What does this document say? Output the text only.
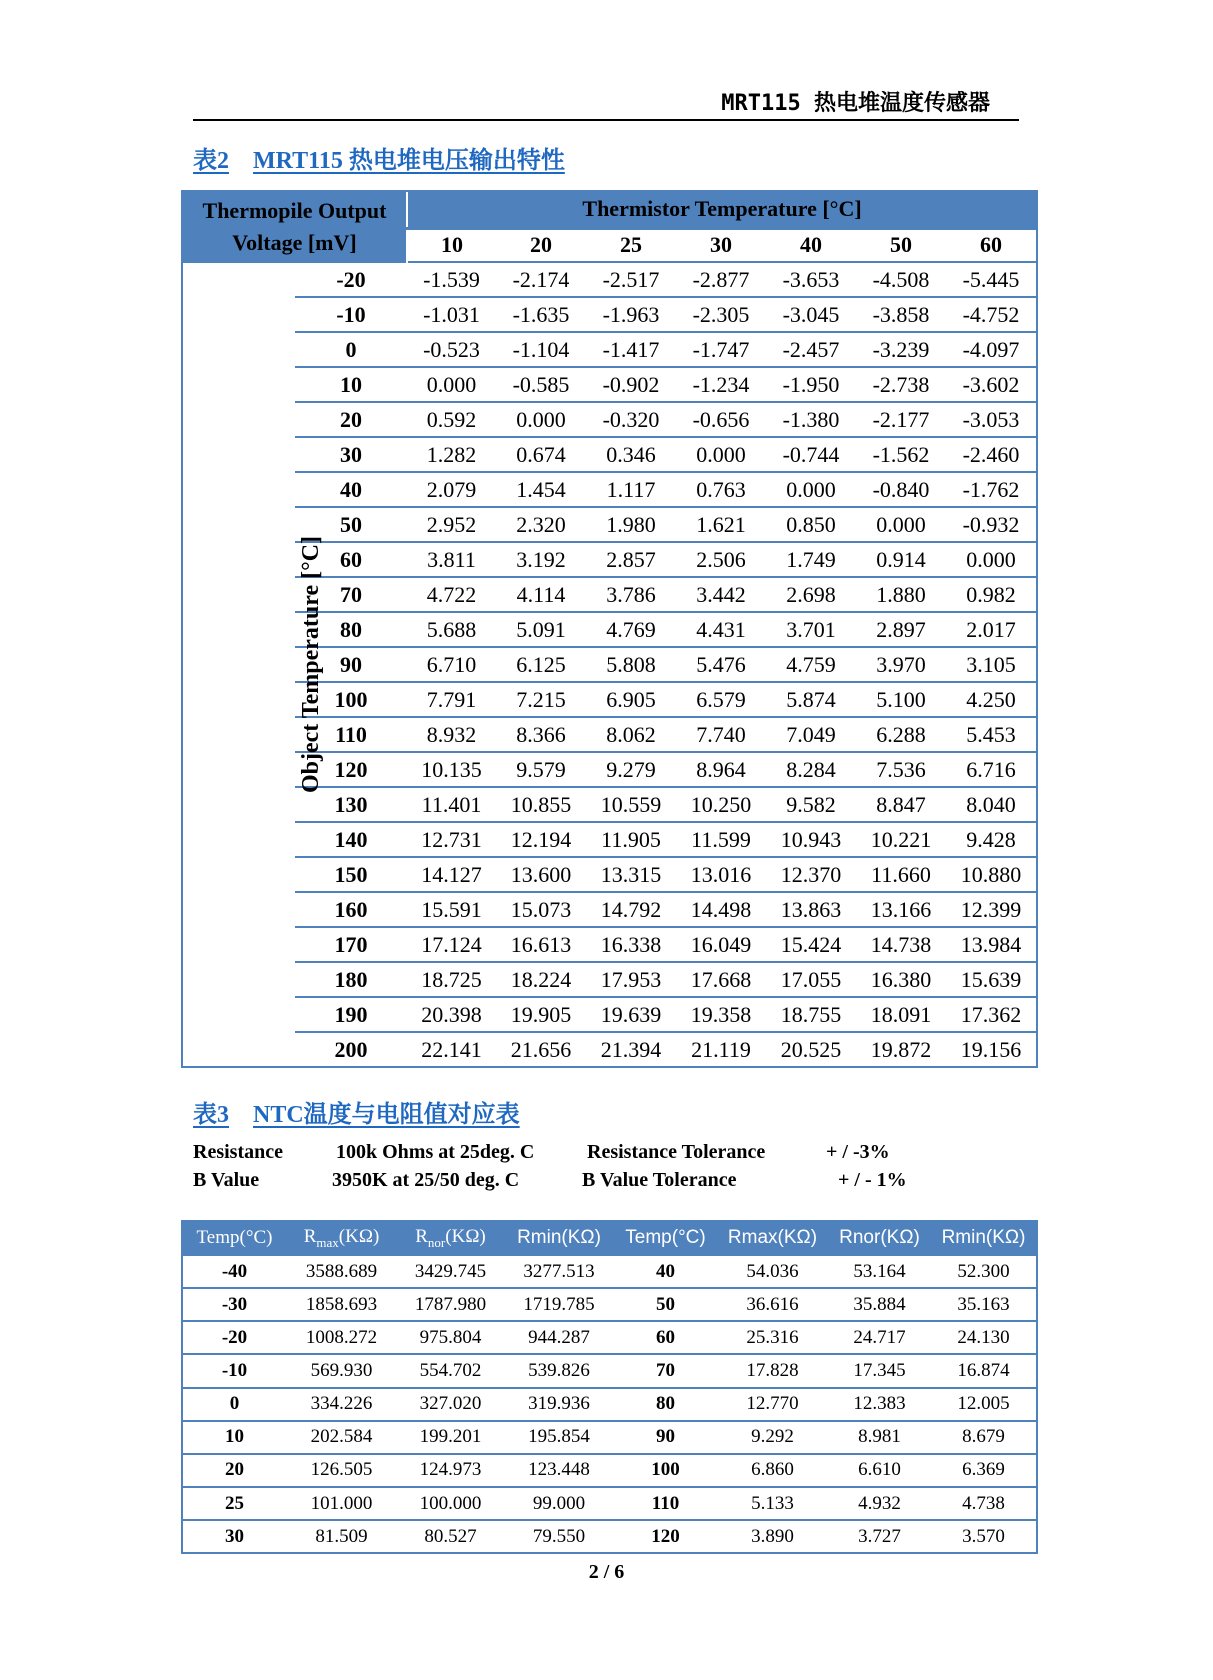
MRT115 热电堆温度传感器
表2 MRT115 热电堆电压输出特性
Thermopile Output
Voltage [mV]		Thermistor Temperature [°C]						
		10	20	25	30	40	50	60
Object Temperature [°C]	-20	-1.539	-2.174	-2.517	-2.877	-3.653	-4.508	-5.445
	-10	-1.031	-1.635	-1.963	-2.305	-3.045	-3.858	-4.752
	0	-0.523	-1.104	-1.417	-1.747	-2.457	-3.239	-4.097
	10	0.000	-0.585	-0.902	-1.234	-1.950	-2.738	-3.602
	20	0.592	0.000	-0.320	-0.656	-1.380	-2.177	-3.053
	30	1.282	0.674	0.346	0.000	-0.744	-1.562	-2.460
	40	2.079	1.454	1.117	0.763	0.000	-0.840	-1.762
	50	2.952	2.320	1.980	1.621	0.850	0.000	-0.932
	60	3.811	3.192	2.857	2.506	1.749	0.914	0.000
	70	4.722	4.114	3.786	3.442	2.698	1.880	0.982
	80	5.688	5.091	4.769	4.431	3.701	2.897	2.017
	90	6.710	6.125	5.808	5.476	4.759	3.970	3.105
	100	7.791	7.215	6.905	6.579	5.874	5.100	4.250
	110	8.932	8.366	8.062	7.740	7.049	6.288	5.453
	120	10.135	9.579	9.279	8.964	8.284	7.536	6.716
	130	11.401	10.855	10.559	10.250	9.582	8.847	8.040
	140	12.731	12.194	11.905	11.599	10.943	10.221	9.428
	150	14.127	13.600	13.315	13.016	12.370	11.660	10.880
	160	15.591	15.073	14.792	14.498	13.863	13.166	12.399
	170	17.124	16.613	16.338	16.049	15.424	14.738	13.984
	180	18.725	18.224	17.953	17.668	17.055	16.380	15.639
	190	20.398	19.905	19.639	19.358	18.755	18.091	17.362
	200	22.141	21.656	21.394	21.119	20.525	19.872	19.156
表3 NTC温度与电阻值对应表
Resistance	100k Ohms at 25deg. C	Resistance Tolerance	+ / -3%
B Value	3950K at 25/50 deg. C	B Value Tolerance	+ / - 1%
Temp(°C)	$R_{max}(K\Omega)$	$R_{nor}(K\Omega)$	Rmin(KΩ)	Temp(°C)	Rmax(KΩ)	Rnor(KΩ)	Rmin(KΩ)
-40	3588.689	3429.745	3277.513	40	54.036	53.164	52.300
-30	1858.693	1787.980	1719.785	50	36.616	35.884	35.163
-20	1008.272	975.804	944.287	60	25.316	24.717	24.130
-10	569.930	554.702	539.826	70	17.828	17.345	16.874
0	334.226	327.020	319.936	80	12.770	12.383	12.005
10	202.584	199.201	195.854	90	9.292	8.981	8.679
20	126.505	124.973	123.448	100	6.860	6.610	6.369
25	101.000	100.000	99.000	110	5.133	4.932	4.738
30	81.509	80.527	79.550	120	3.890	3.727	3.570
2 / 6
